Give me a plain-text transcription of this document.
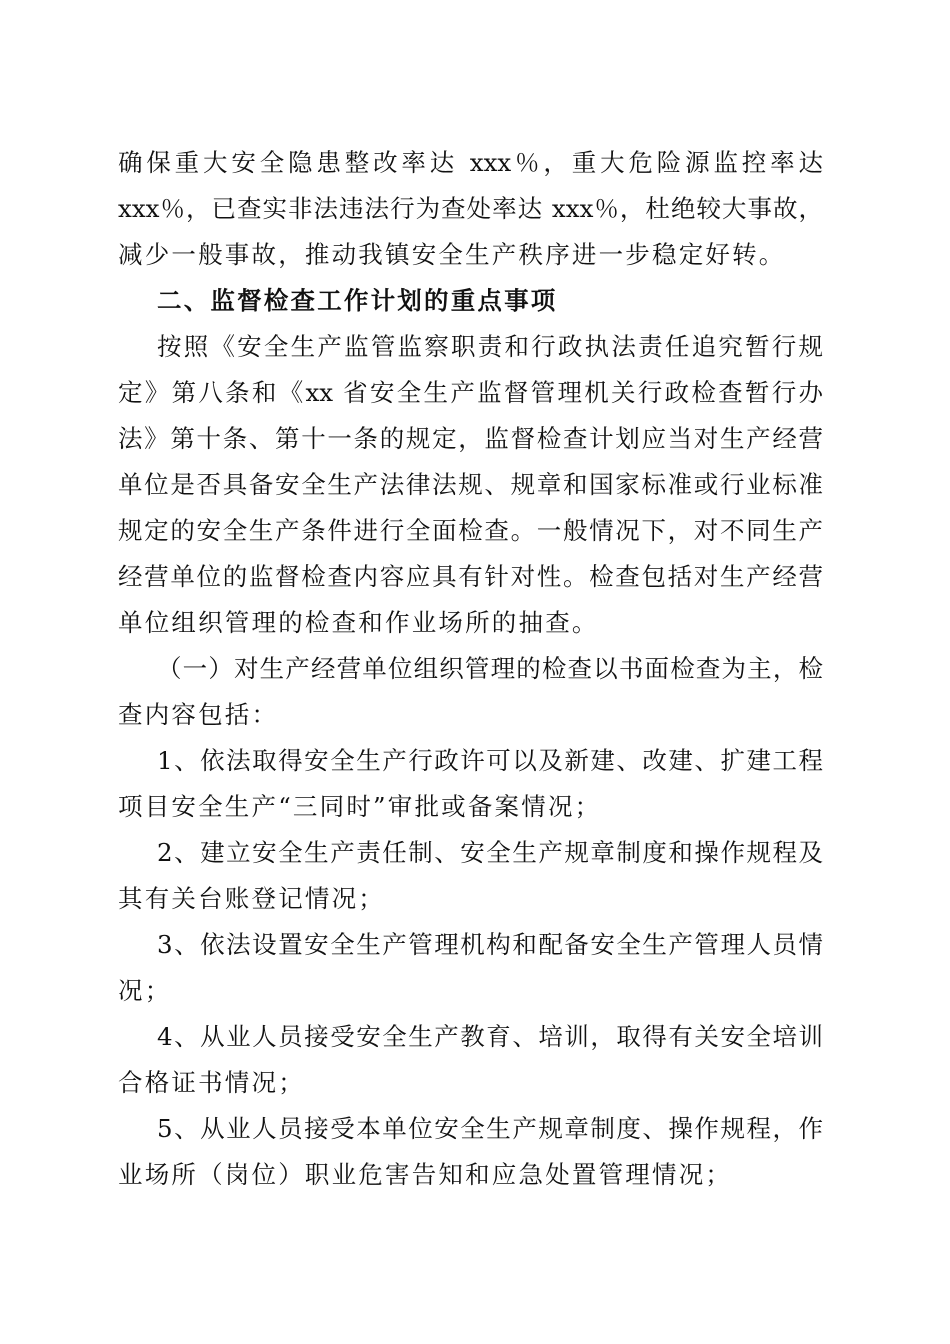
确保重大安全隐患整改率达 xxx％，重大危险源监控率达
xxx％，已查实非法违法行为查处率达 xxx％，杜绝较大事故，
减少一般事故，推动我镇安全生产秩序进一步稳定好转。
二、监督检查工作计划的重点事项
按照《安全生产监管监察职责和行政执法责任追究暂行规
定》第八条和《xx 省安全生产监督管理机关行政检查暂行办
法》第十条、第十一条的规定，监督检查计划应当对生产经营
单位是否具备安全生产法律法规、规章和国家标准或行业标准
规定的安全生产条件进行全面检查。一般情况下，对不同生产
经营单位的监督检查内容应具有针对性。检查包括对生产经营
单位组织管理的检查和作业场所的抽查。
（一）对生产经营单位组织管理的检查以书面检查为主，检
查内容包括：
1、依法取得安全生产行政许可以及新建、改建、扩建工程
项目安全生产“三同时”审批或备案情况；
2、建立安全生产责任制、安全生产规章制度和操作规程及
其有关台账登记情况；
3、依法设置安全生产管理机构和配备安全生产管理人员情
况；
4、从业人员接受安全生产教育、培训，取得有关安全培训
合格证书情况；
5、从业人员接受本单位安全生产规章制度、操作规程，作
业场所（岗位）职业危害告知和应急处置管理情况；
